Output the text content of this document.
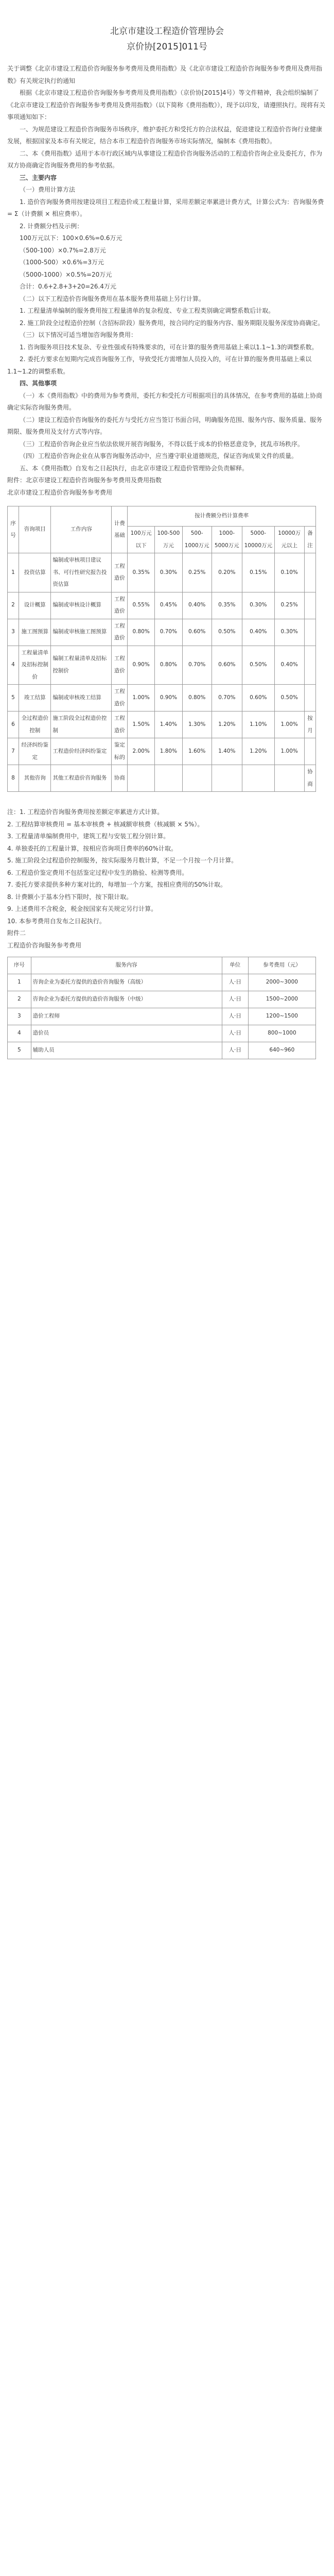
北京市建设工程造价管理协会

京价协[2015]011号

关于调整《北京市建设工程造价咨询服务参考费用及费用指数》及《北京市建设工程造价咨询服务参考费用及费用指数》有关规定执行的通知

根据《北京市建设工程造价咨询服务参考费用及费用指数》（京价协[2015]4号）等文件精神，我会组织编制了《北京市建设工程造价咨询服务参考费用及费用指数》（以下简称《费用指数》），现予以印发，请遵照执行。现将有关事项通知如下：

一、为规范建设工程造价咨询服务市场秩序，维护委托方和受托方的合法权益，促进建设工程造价咨询行业健康发展，根据国家及本市有关规定，结合本市工程造价咨询服务市场实际情况，编制本《费用指数》。

二、本《费用指数》适用于本市行政区域内从事建设工程造价咨询服务活动的工程造价咨询企业及委托方，作为双方协商确定咨询服务费用的参考依据。

三、主要内容

（一）费用计算方法

1. 造价咨询服务费用按建设项目工程造价或工程量计算，采用差额定率累进计费方式，计算公式为：咨询服务费 = Σ（计费额 × 相应费率）。

2. 计费额分档及示例：

100万元以下：100×0.6%=0.6万元

（500-100）×0.7%=2.8万元

（1000-500）×0.6%=3万元

（5000-1000）×0.5%=20万元

合计：0.6+2.8+3+20=26.4万元

（二）以下工程造价咨询服务费用在基本服务费用基础上另行计算。

1. 工程量清单编制的服务费用按工程量清单的复杂程度、专业工程类别确定调整系数后计取。

2. 施工阶段全过程造价控制（含招标阶段）服务费用，按合同约定的服务内容、服务期限及服务深度协商确定。

（三）以下情况可适当增加咨询服务费用：

1. 咨询服务项目技术复杂、专业性强或有特殊要求的，可在计算的服务费用基础上乘以1.1~1.3的调整系数。

2. 委托方要求在短期内完成咨询服务工作，导致受托方需增加人员投入的，可在计算的服务费用基础上乘以1.1~1.2的调整系数。

四、其他事项

（一）本《费用指数》中的费用为参考费用，委托方和受托方可根据项目的具体情况，在参考费用的基础上协商确定实际咨询服务费用。

（二）建设工程造价咨询服务的委托方与受托方应当签订书面合同，明确服务范围、服务内容、服务质量、服务期限、服务费用及支付方式等内容。

（三）工程造价咨询企业应当依法依规开展咨询服务，不得以低于成本的价格恶意竞争，扰乱市场秩序。

（四）工程造价咨询企业在从事咨询服务活动中，应当遵守职业道德规范，保证咨询成果文件的质量。

五、本《费用指数》自发布之日起执行，由北京市建设工程造价管理协会负责解释。

附件：北京市建设工程造价咨询服务参考费用及费用指数

北京市建设工程造价咨询服务参考费用

序号	咨询项目	工作内容	计费基础	按计费额分档计算费率						
				100万元以下	100-500万元	500-1000万元	1000-5000万元	5000-10000万元	10000万元以上	备注
1	投资估算	编制或审核项目建议书、可行性研究报告投资估算	工程造价	0.35%	0.30%	0.25%	0.20%	0.15%	0.10%	
2	设计概算	编制或审核设计概算	工程造价	0.55%	0.45%	0.40%	0.35%	0.30%	0.25%	
3	施工图预算	编制或审核施工图预算	工程造价	0.80%	0.70%	0.60%	0.50%	0.40%	0.30%	
4	工程量清单及招标控制价	编制工程量清单及招标控制价	工程造价	0.90%	0.80%	0.70%	0.60%	0.50%	0.40%	
5	竣工结算	编制或审核竣工结算	工程造价	1.00%	0.90%	0.80%	0.70%	0.60%	0.50%	
6	全过程造价控制	施工阶段全过程造价控制	工程造价	1.50%	1.40%	1.30%	1.20%	1.10%	1.00%	按月
7	经济纠纷鉴定	工程造价经济纠纷鉴定	鉴定标的	2.00%	1.80%	1.60%	1.40%	1.20%	1.00%	
8	其他咨询	其他工程造价咨询服务	协商							协商

注：1. 工程造价咨询服务费用按差额定率累进方式计算。

2. 工程结算审核费用 = 基本审核费 + 核减额审核费（核减额 × 5%）。

3. 工程量清单编制费用中，建筑工程与安装工程分别计算。

4. 单独委托的工程量计算，按相应咨询项目费率的60%计取。

5. 施工阶段全过程造价控制服务，按实际服务月数计算，不足一个月按一个月计算。

6. 工程造价鉴定费用不包括鉴定过程中发生的勘验、检测等费用。

7. 委托方要求提供多种方案对比的，每增加一个方案，按相应费用的50%计取。

8. 计费额小于基本分档下限时，按下限计取。

9. 上述费用不含税金，税金按国家有关规定另行计算。

10. 本参考费用自发布之日起执行。

附件二

工程造价咨询服务参考费用

序号	服务内容	单位	参考费用（元）
1	咨询企业为委托方提供的造价咨询服务（高级）	人·日	2000~3000
2	咨询企业为委托方提供的造价咨询服务（中级）	人·日	1500~2000
3	造价工程师	人·日	1200~1500
4	造价员	人·日	800~1000
5	辅助人员	人·日	640~960
